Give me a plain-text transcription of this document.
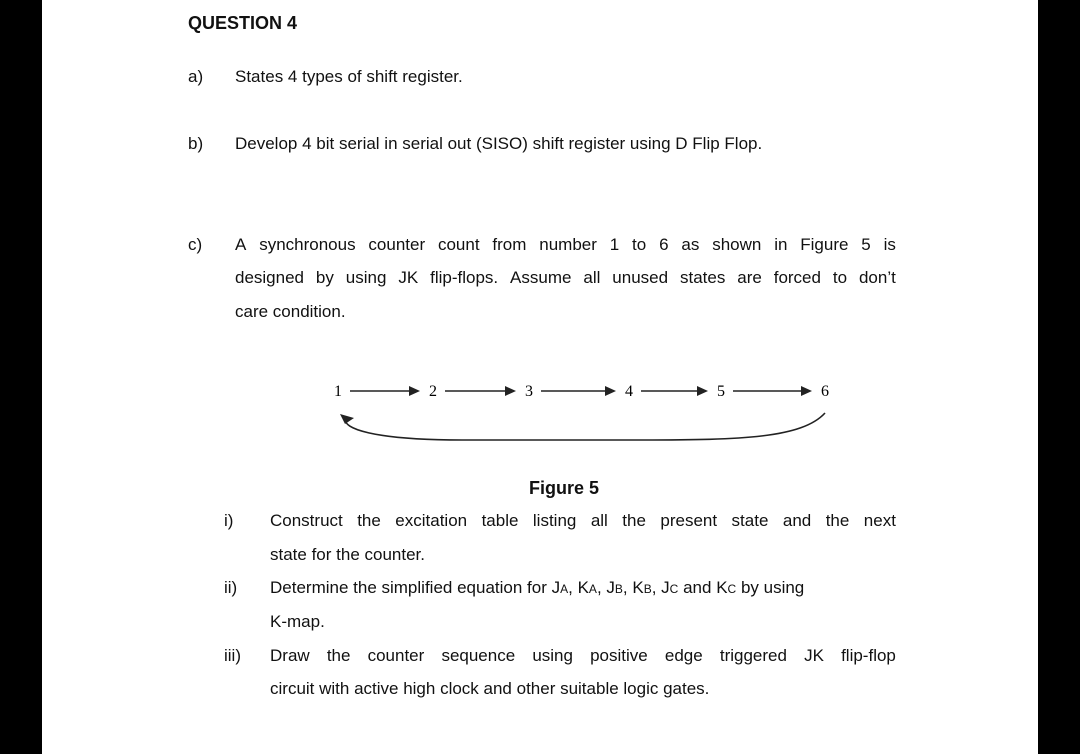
QUESTION 4
a) States 4 types of shift register.
b) Develop 4 bit serial in serial out (SISO) shift register using D Flip Flop.
c) A synchronous counter count from number 1 to 6 as shown in Figure 5 is
designed by using JK flip-flops. Assume all unused states are forced to don’t
care condition.
1	2	3	4	5	6
Figure 5
i) Construct the excitation table listing all the present state and the next
state for the counter.
ii) Determine the simplified equation for JA, KA, JB, KB, JC and KC by using
K-map.
iii) Draw the counter sequence using positive edge triggered JK flip-flop
circuit with active high clock and other suitable logic gates.
